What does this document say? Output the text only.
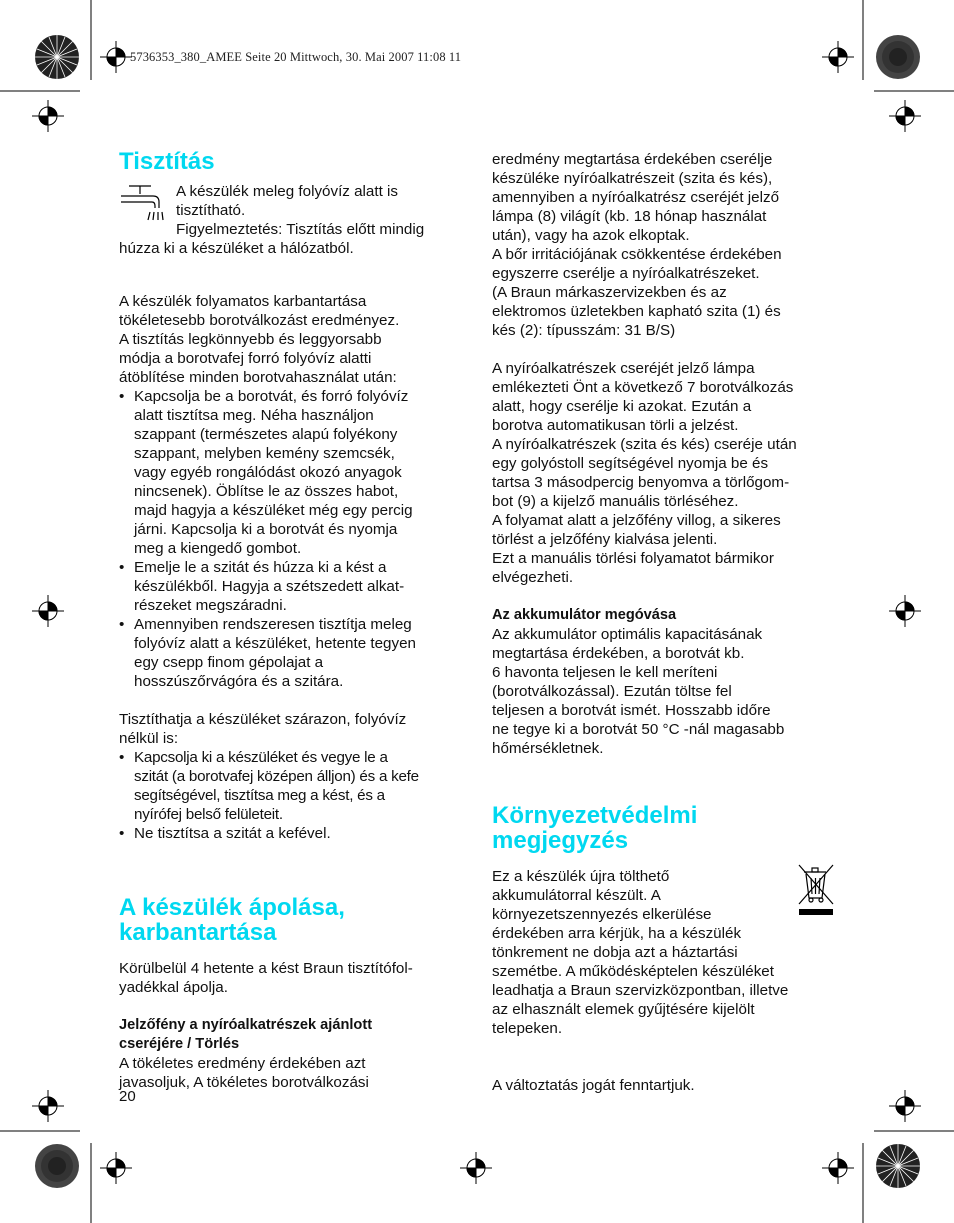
5736353_380_AMEE Seite 20 Mittwoch, 30. Mai 2007 11:08 11
Tisztítás

A készülék meleg folyóvíz alatt is

tisztítható.

Figyelmeztetés: Tisztítás előtt mindig

húzza ki a készüléket a hálózatból.

A készülék folyamatos karbantartása

tökéletesebb borotválkozást eredményez.

A tisztítás legkönnyebb és leggyorsabb

módja a borotvafej forró folyóvíz alatti

átöblítése minden borotvahasználat után:

• Kapcsolja be a borotvát, és forró folyóvíz

alatt tisztítsa meg. Néha használjon

szappant (természetes alapú folyékony

szappant, melyben kemény szemcsék,

vagy egyéb rongálódást okozó anyagok

nincsenek). Öblítse le az összes habot,

majd hagyja a készüléket még egy percig

járni. Kapcsolja ki a borotvát és nyomja

meg a kiengedő gombot.

• Emelje le a szitát és húzza ki a kést a

készülékből. Hagyja a szétszedett alkat-

részeket megszáradni.

• Amennyiben rendszeresen tisztítja meleg

folyóvíz alatt a készüléket, hetente tegyen

egy csepp finom gépolajat a

hosszúszőrvágóra és a szitára.

Tisztíthatja a készüléket szárazon, folyóvíz

nélkül is:

• Kapcsolja ki a készüléket és vegye le a

szitát (a borotvafej középen álljon) és a kefe

segítségével, tisztítsa meg a kést, és a

nyírófej belső felületeit.

• Ne tisztítsa a szitát a kefével.

A készülék ápolása,
karbantartása

Körülbelül 4 hetente a kést Braun tisztítófol-

yadékkal ápolja.

Jelzőfény a nyíróalkatrészek ajánlott

cseréjére / Törlés

A tökéletes eredmény érdekében azt

javasoljuk, A tökéletes borotválkozási

20

eredmény megtartása érdekében cserélje

készüléke nyíróalkatrészeit (szita és kés),

amennyiben a nyíróalkatrész cseréjét jelző

lámpa (8) világít (kb. 18 hónap használat

után), vagy ha azok elkoptak.

A bőr irritációjának csökkentése érdekében

egyszerre cserélje a nyíróalkatrészeket.

(A Braun márkaszervizekben és az

elektromos üzletekben kapható szita (1) és

kés (2): típusszám: 31 B/S)

A nyíróalkatrészek cseréjét jelző lámpa

emlékezteti Önt a következő 7 borotválkozás

alatt, hogy cserélje ki azokat. Ezután a

borotva automatikusan törli a jelzést.

A nyíróalkatrészek (szita és kés) cseréje után

egy golyóstoll segítségével nyomja be és

tartsa 3 másodpercig benyomva a törlőgom-

bot (9) a kijelző manuális törléséhez.

A folyamat alatt a jelzőfény villog, a sikeres

törlést a jelzőfény kialvása jelenti.

Ezt a manuális törlési folyamatot bármikor

elvégezheti.

Az akkumulátor megóvása

Az akkumulátor optimális kapacitásának

megtartása érdekében, a borotvát kb.

6 havonta teljesen le kell meríteni

(borotválkozással). Ezután töltse fel

teljesen a borotvát ismét. Hosszabb időre

ne tegye ki a borotvát 50 °C -nál magasabb

hőmérsékletnek.

Környezetvédelmi
megjegyzés

Ez a készülék újra tölthető

akkumulátorral készült. A

környezetszennyezés elkerülése

érdekében arra kérjük, ha a készülék

tönkrement ne dobja azt a háztartási

szemétbe. A működésképtelen készüléket

leadhatja a Braun szervizközpontban, illetve

az elhasznált elemek gyűjtésére kijelölt

telepeken.

A változtatás jogát fenntartjuk.
